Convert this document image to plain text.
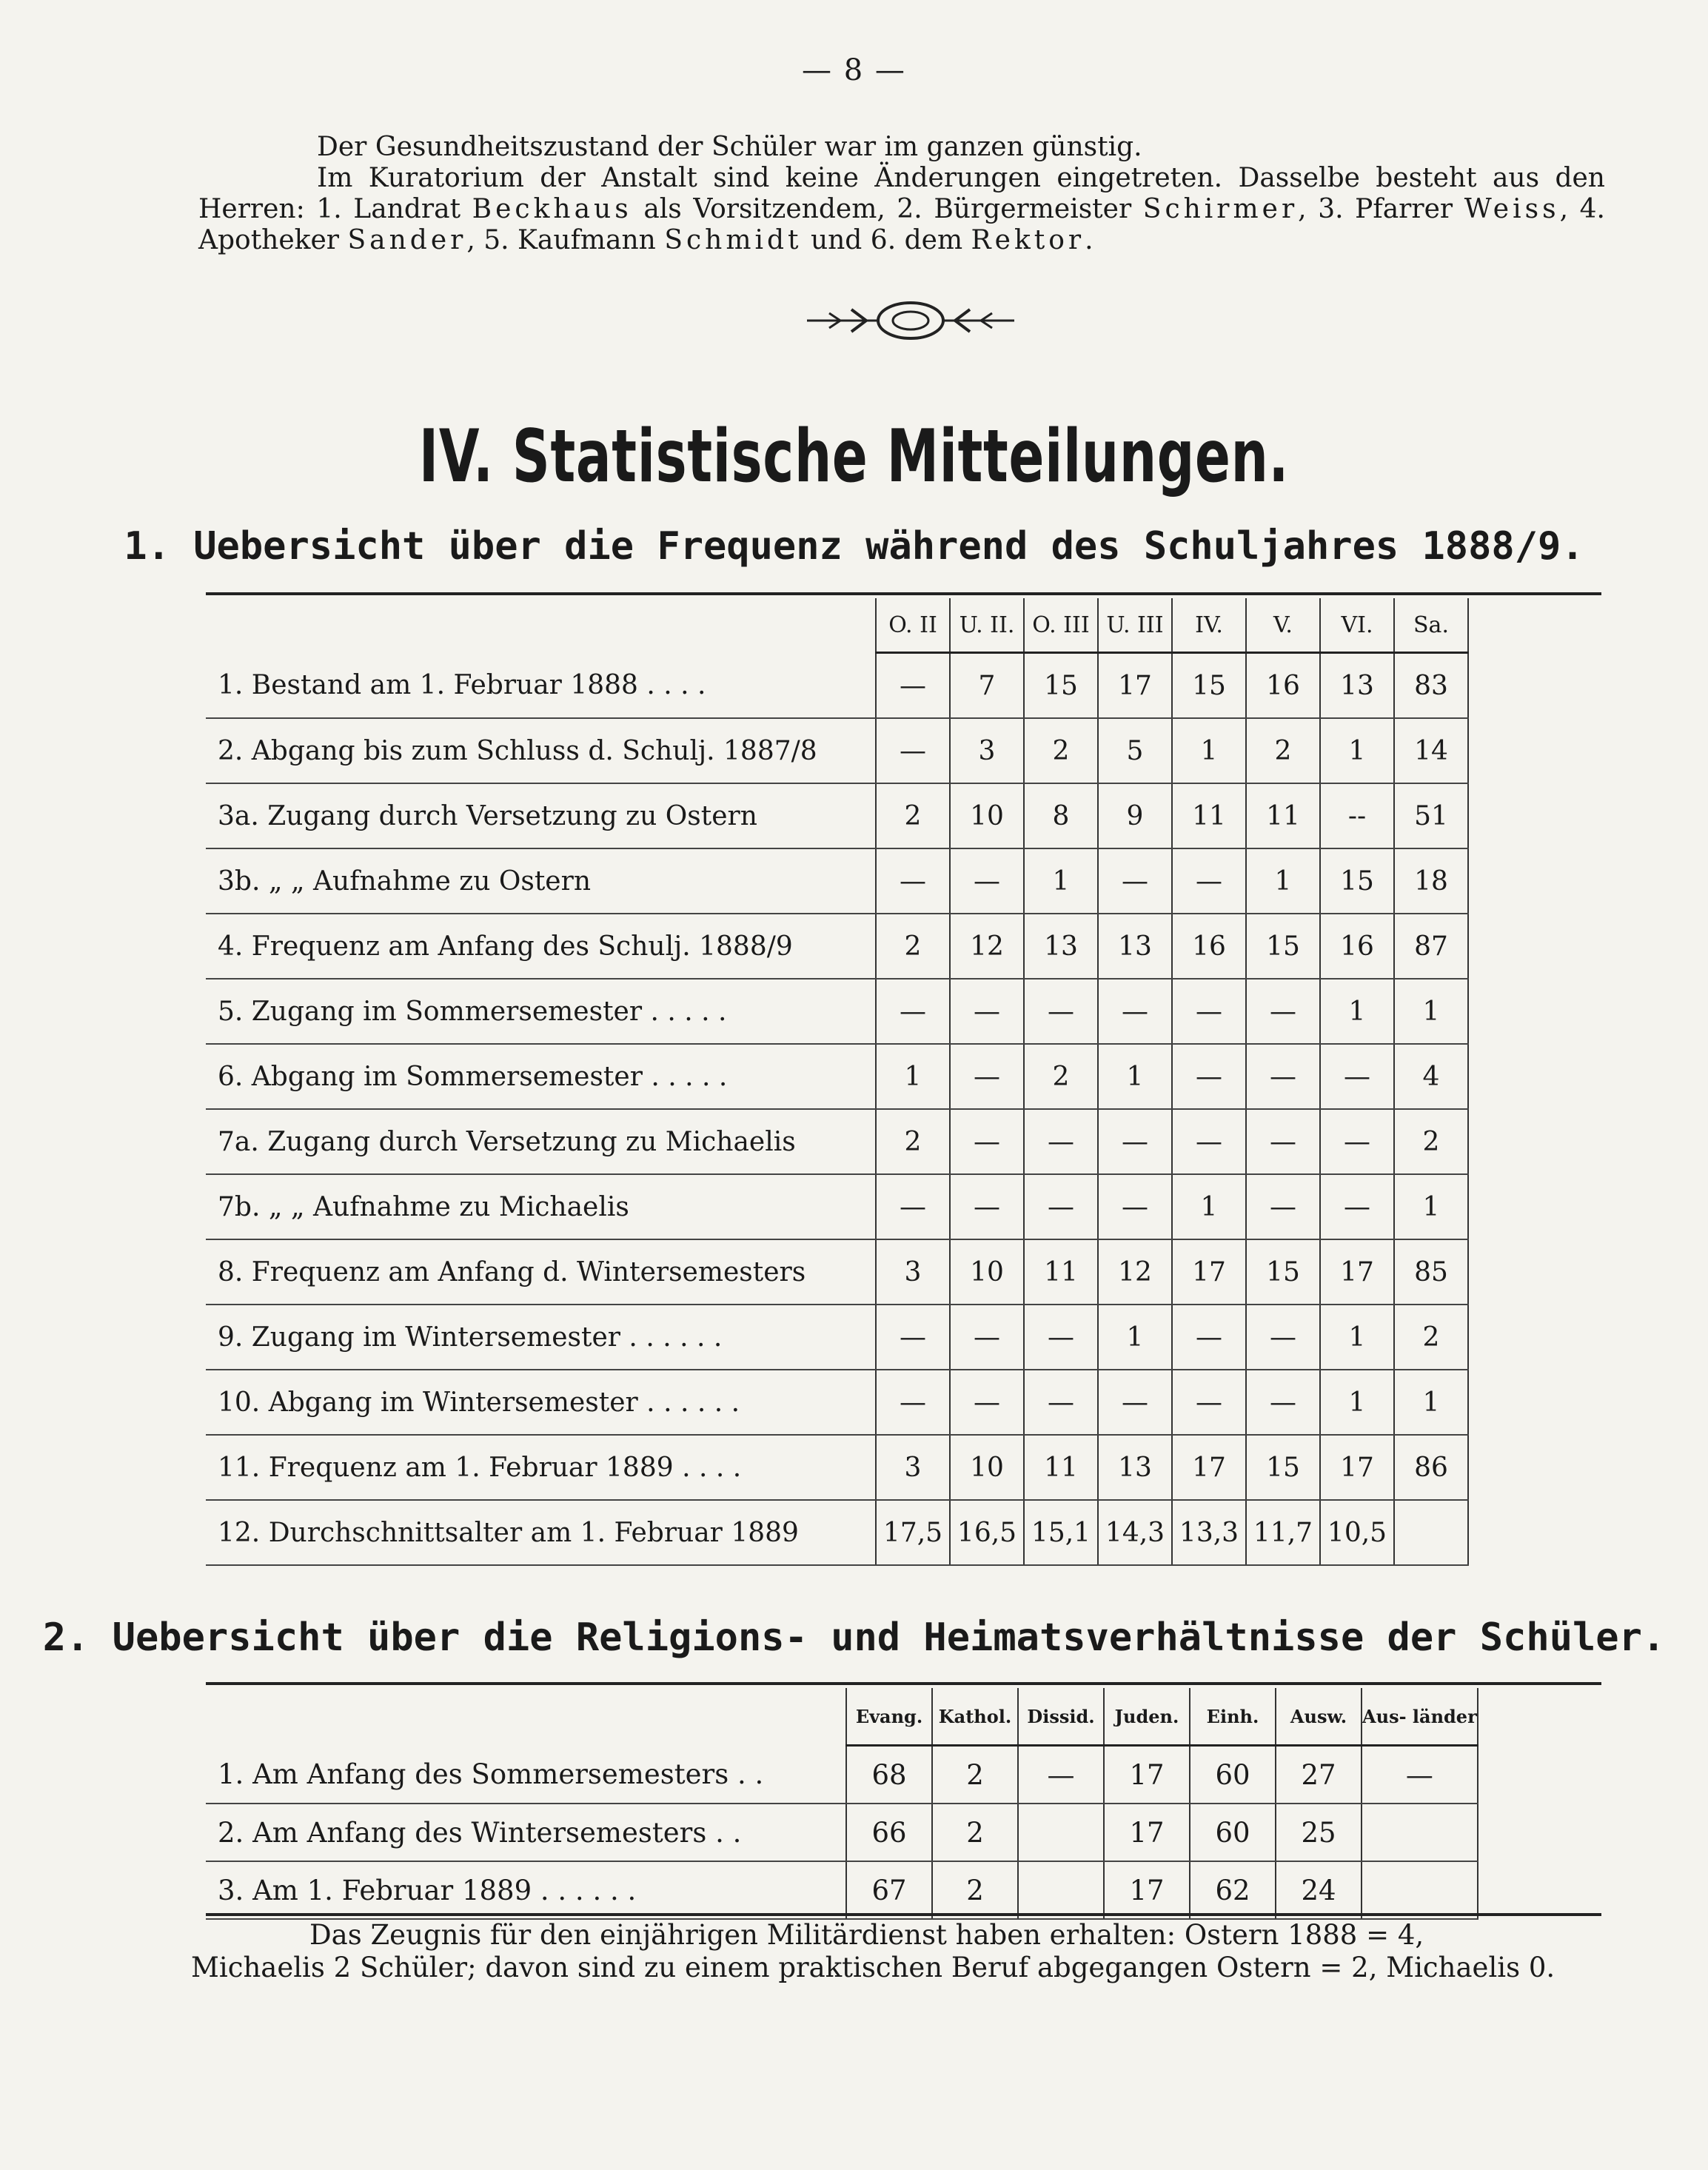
— 8 —

Der Gesundheitszustand der Schüler war im ganzen günstig.

Im Kuratorium der Anstalt sind keine Änderungen eingetreten. Dasselbe besteht aus den Herren: 1. Landrat Beckhaus als Vorsitzendem, 2. Bürgermeister Schirmer, 3. Pfarrer Weiss, 4. Apotheker Sander, 5. Kaufmann Schmidt und 6. dem Rektor.

IV. Statistische Mitteilungen.
1. Uebersicht über die Frequenz während des Schuljahres 1888/9.
	O. II	U. II.	O. III	U. III	IV.	V.	VI.	Sa.
1. Bestand am 1. Februar 1888 . . . .	—	7	15	17	15	16	13	83
2. Abgang bis zum Schluss d. Schulj. 1887/8	—	3	2	5	1	2	1	14
3a. Zugang durch Versetzung zu Ostern	2	10	8	9	11	11	--	51
3b. „ „ Aufnahme zu Ostern	—	—	1	—	—	1	15	18
4. Frequenz am Anfang des Schulj. 1888/9	2	12	13	13	16	15	16	87
5. Zugang im Sommersemester . . . . .	—	—	—	—	—	—	1	1
6. Abgang im Sommersemester . . . . .	1	—	2	1	—	—	—	4
7a. Zugang durch Versetzung zu Michaelis	2	—	—	—	—	—	—	2
7b. „ „ Aufnahme zu Michaelis	—	—	—	—	1	—	—	1
8. Frequenz am Anfang d. Wintersemesters	3	10	11	12	17	15	17	85
9. Zugang im Wintersemester . . . . . .	—	—	—	1	—	—	1	2
10. Abgang im Wintersemester . . . . . .	—	—	—	—	—	—	1	1
11. Frequenz am 1. Februar 1889 . . . .	3	10	11	13	17	15	17	86
12. Durchschnittsalter am 1. Februar 1889	17,5	16,5	15,1	14,3	13,3	11,7	10,5	
2. Uebersicht über die Religions- und Heimatsverhältnisse der Schüler.
	Evang.	Kathol.	Dissid.	Juden.	Einh.	Ausw.	Aus- länder
1. Am Anfang des Sommersemesters . .	68	2	—	17	60	27	—
2. Am Anfang des Wintersemesters . .	66	2		17	60	25	
3. Am 1. Februar 1889 . . . . . .	67	2		17	62	24	

Das Zeugnis für den einjährigen Militärdienst haben erhalten: Ostern 1888 = 4,

Michaelis 2 Schüler; davon sind zu einem praktischen Beruf abgegangen Ostern = 2, Michaelis 0.
